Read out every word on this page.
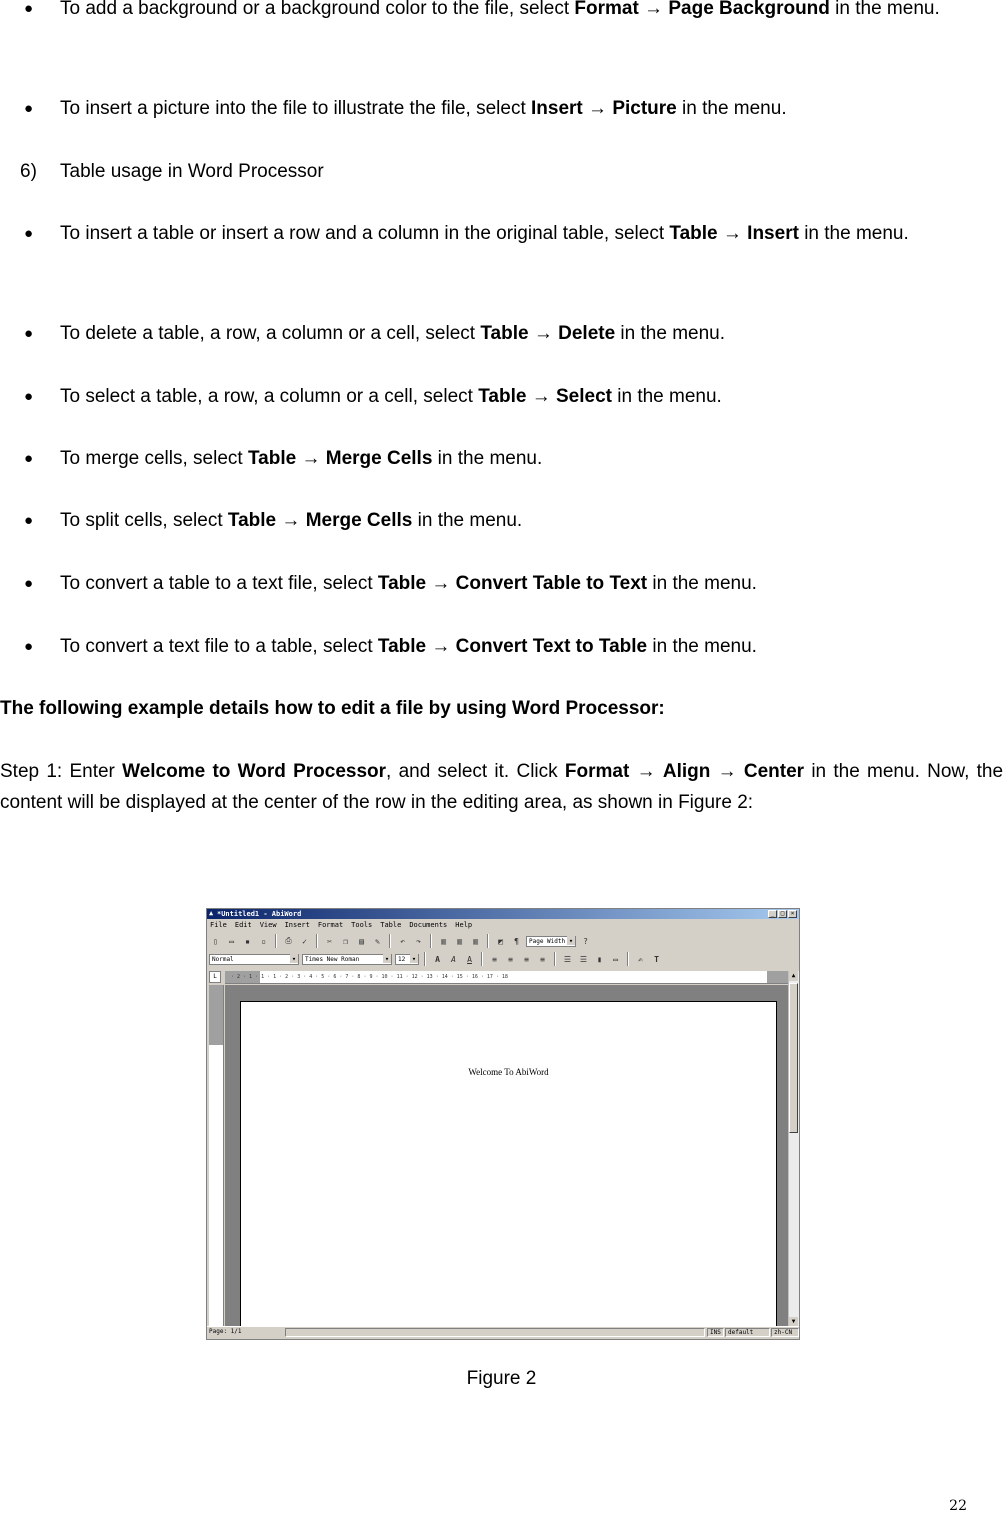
● To add a background or a background color to the file, select Format → Page Background in the menu.
● To insert a picture into the file to illustrate the file, select Insert → Picture in the menu.
6) Table usage in Word Processor
● To insert a table or insert a row and a column in the original table, select Table → Insert in the menu.
● To delete a table, a row, a column or a cell, select Table → Delete in the menu.
● To select a table, a row, a column or a cell, select Table → Select in the menu.
● To merge cells, select Table → Merge Cells in the menu.
● To split cells, select Table → Merge Cells in the menu.
● To convert a table to a text file, select Table → Convert Table to Text in the menu.
● To convert a text file to a table, select Table → Convert Text to Table in the menu.
The following example details how to edit a file by using Word Processor:
Step 1: Enter Welcome to Word Processor, and select it. Click Format → Align → Center in the menu. Now, the content will be displayed at the center of the row in the editing area, as shown in Figure 2:
▲ *Untitled1 - AbiWord	_	□	×
File Edit View Insert Format Tools Table Documents Help
▯	▭	▪	▫	⎙	✓	✂	❐	▤	✎	↶	↷	▥	▥	▥	◩	¶	Page Width ▾	?
Normal ▾	Times New Roman ▾	12 ▾	A	A	A	≡	≡	≡	≡	☰	☰	▮	▭	✍	T
L	· 2 · 1 · 1 · 1 · 2 · 3 · 4 · 5 · 6 · 7 · 8 · 9 · 10 · 11 · 12 · 13 · 14 · 15 · 16 · 17 · 18
Welcome To AbiWord
▲
▼
Page: 1/1	INS	default	zh-CN
Figure 2
22
